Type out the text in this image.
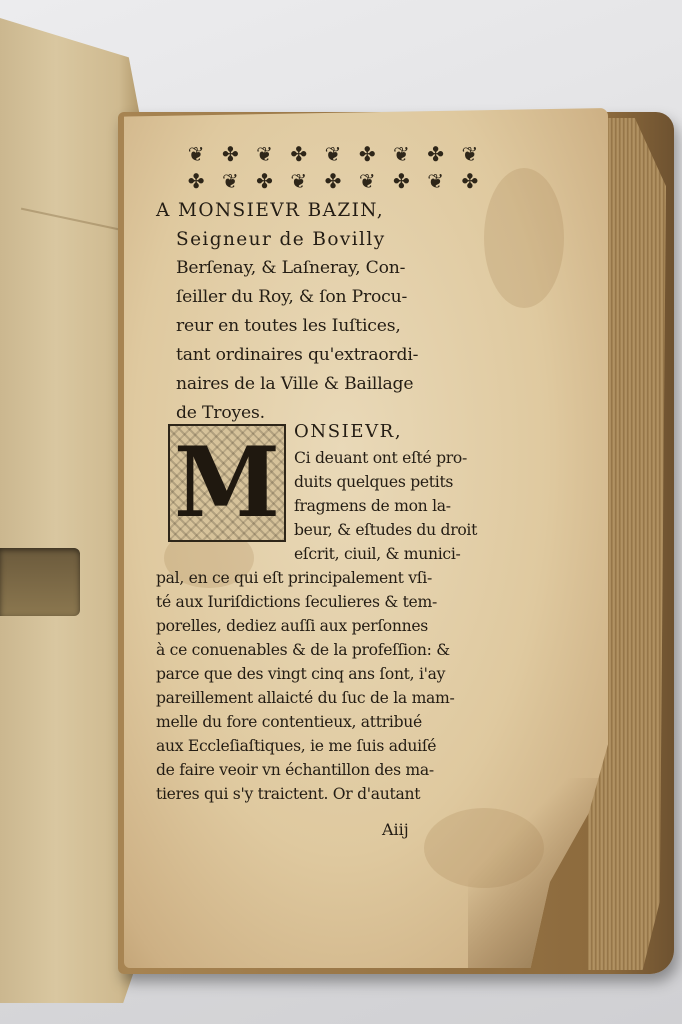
❦ ✤ ❦ ✤ ❦ ✤ ❦ ✤ ❦
✤ ❦ ✤ ❦ ✤ ❦ ✤ ❦ ✤

A MONSIEVR BAZIN,
Seigneur de Bovilly
Berſenay, & Laſneray, Con-
ſeiller du Roy, & ſon Procu-
reur en toutes les Iuſtices,
tant ordinaires qu'extraordi-
naires de la Ville & Baillage
de Troyes.

M ONSIEVR,
Ci deuant ont eſté pro-
duits quelques petits
fragmens de mon la-
beur, & eſtudes du droit
eſcrit, ciuil, & munici-
pal, en ce qui eſt principalement vſi-
té aux Iuriſdictions ſeculieres & tem-
porelles, dediez auſſi aux perſonnes
à ce conuenables & de la profeſſion: &
parce que des vingt cinq ans ſont, i'ay
pareillement allaicté du ſuc de la mam-
melle du fore contentieux, attribué
aux Eccleſiaſtiques, ie me ſuis aduiſé
de faire veoir vn échantillon des ma-
tieres qui s'y traictent. Or d'autant
Aiij
